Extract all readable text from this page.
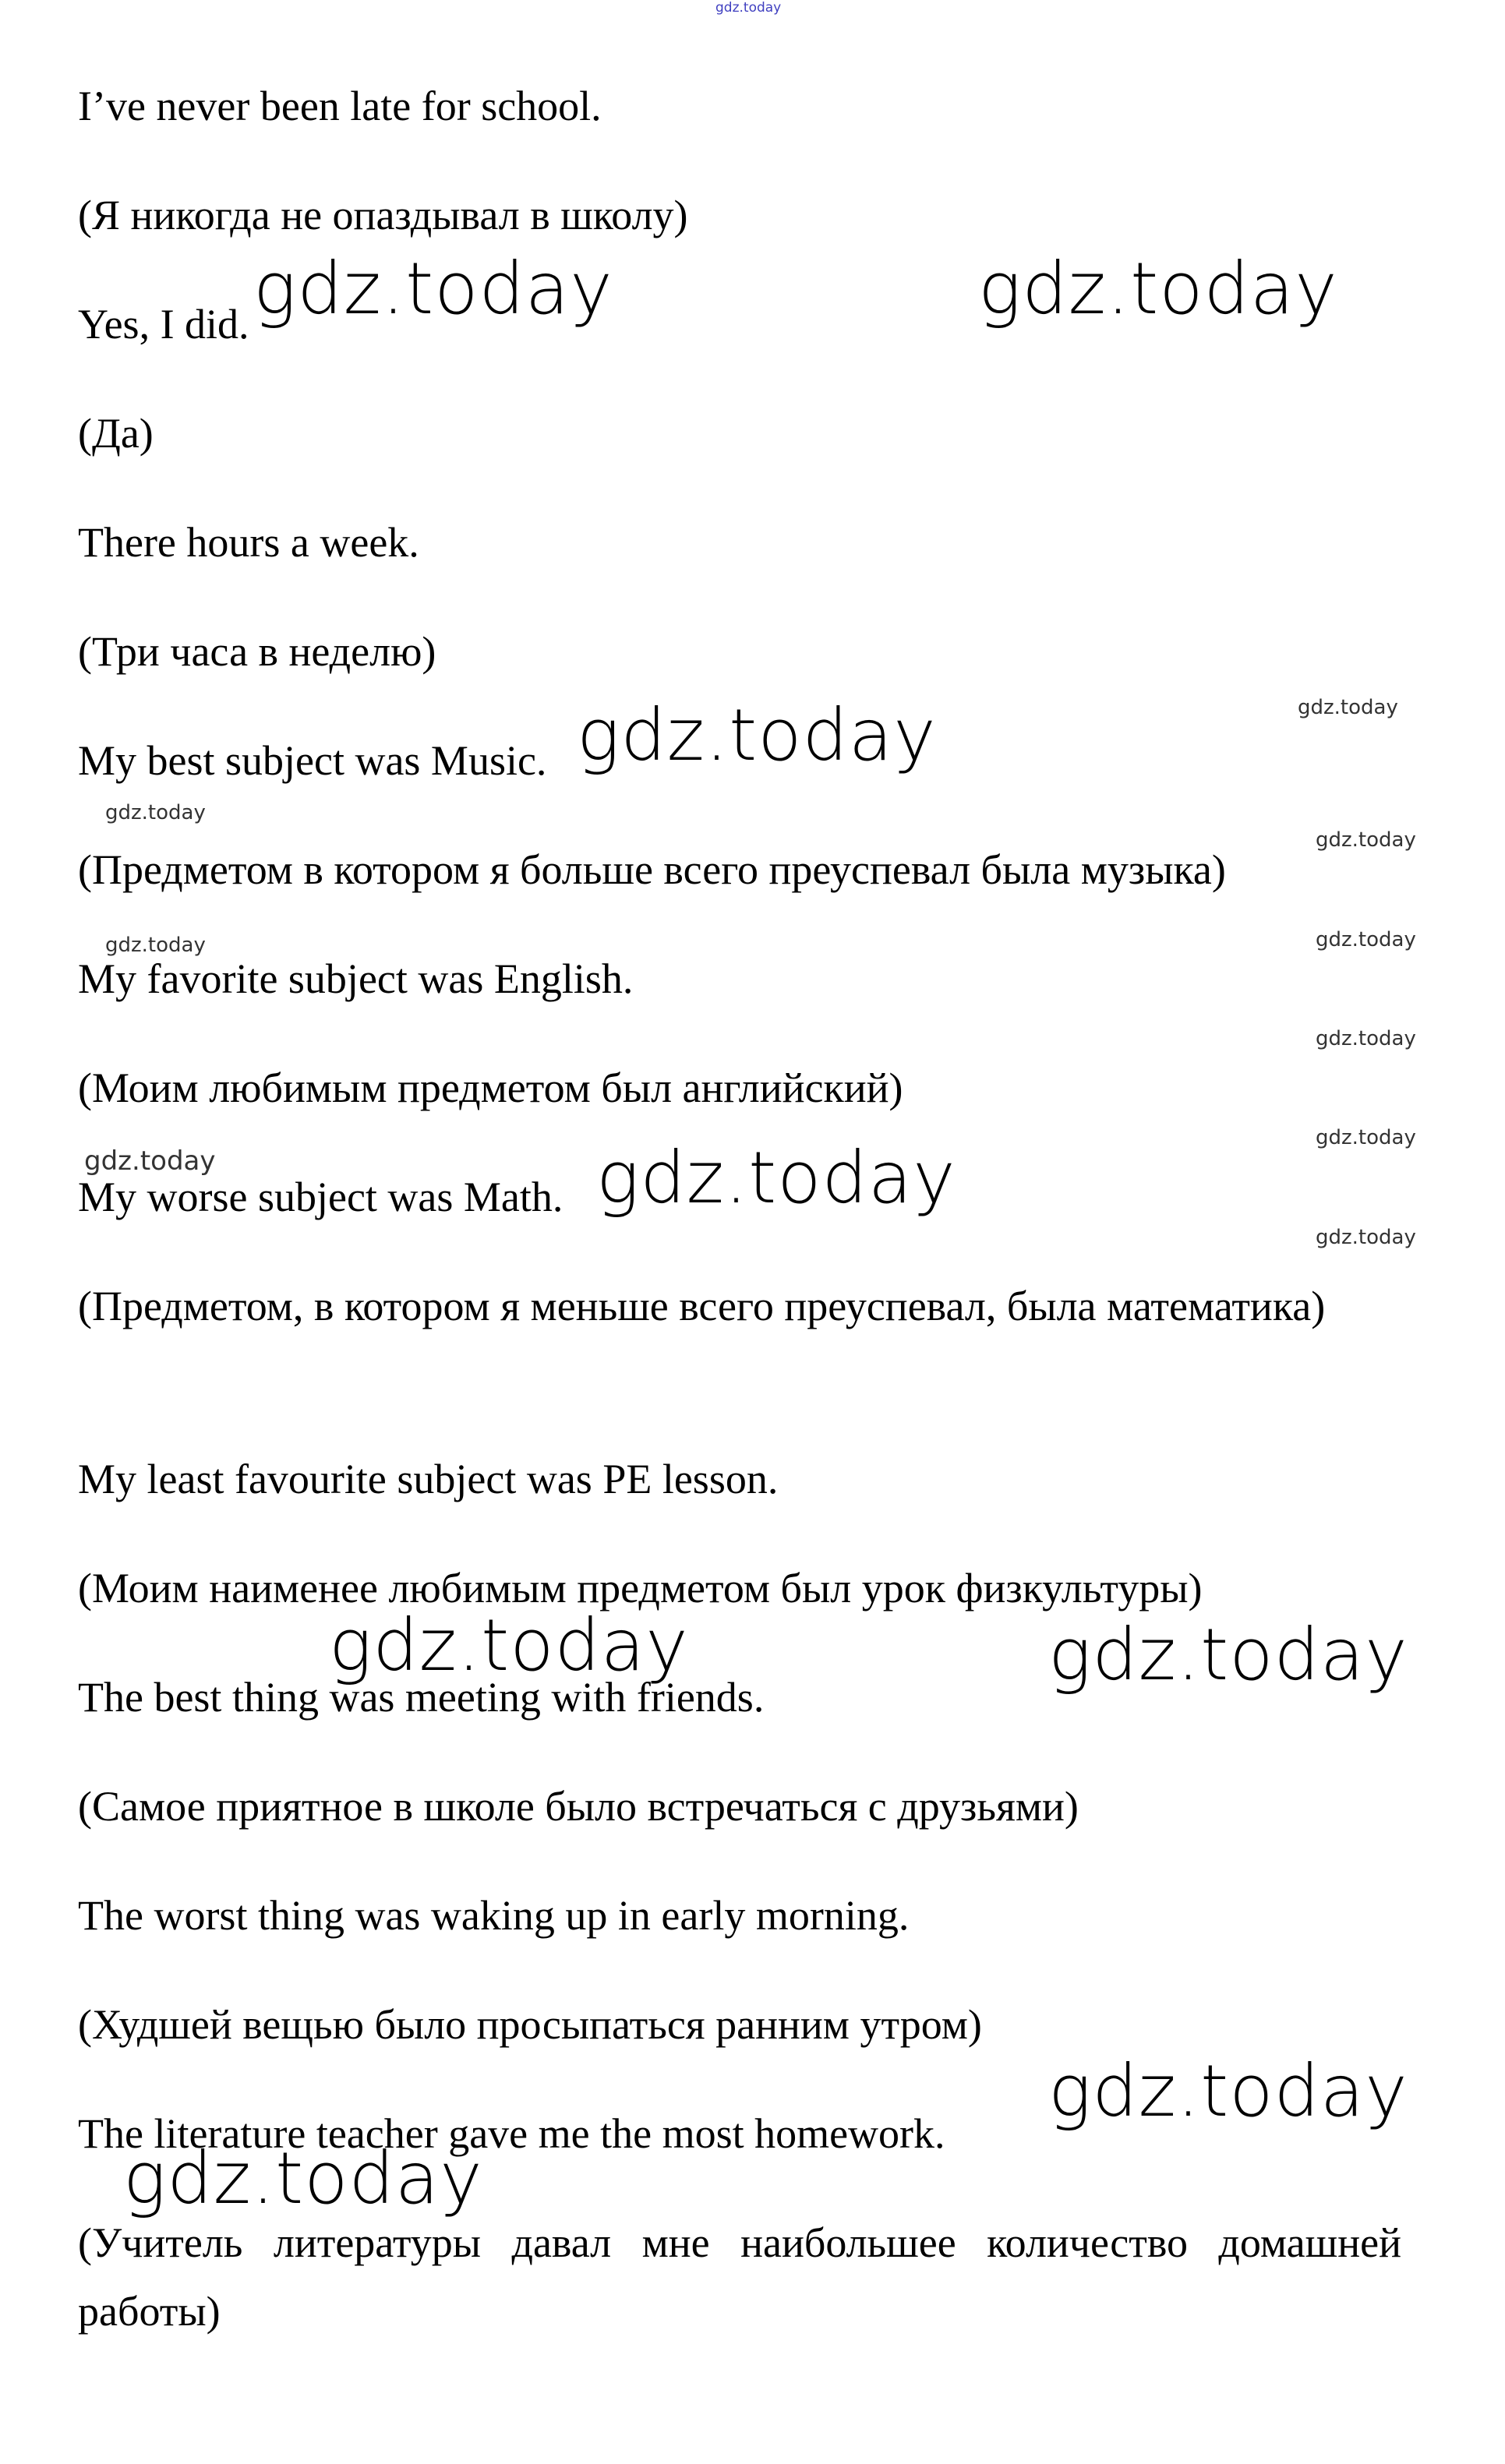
gdz.today
gdz.today	gdz.today
gdz.today
gdz.today
gdz.today
gdz.today
gdz.today	gdz.today
gdz.today
gdz.today
gdz.today
gdz.today	gdz.today
gdz.today	gdz.today
gdz.today
gdz.today

I’ve never been late for school.

(Я никогда не опаздывал в школу)

Yes, I did.

(Да)

There hours a week.

(Три часа в неделю)

My best subject was Music.

(Предметом в котором я больше всего преуспевал была музыка)

My favorite subject was English.

(Моим любимым предметом был английский)

My worse subject was Math.

(Предметом, в котором я меньше всего преуспевал, была математика)

My least favourite subject was PE lesson.

(Моим наименее любимым предметом был урок физкультуры)

The best thing was meeting with friends.

(Самое приятное в школе было встречаться с друзьями)

The worst thing was waking up in early morning.

(Худшей вещью было просыпаться ранним утром)

The literature teacher gave me the most homework.

(Учитель литературы давал мне наибольшее количество домашней работы)
